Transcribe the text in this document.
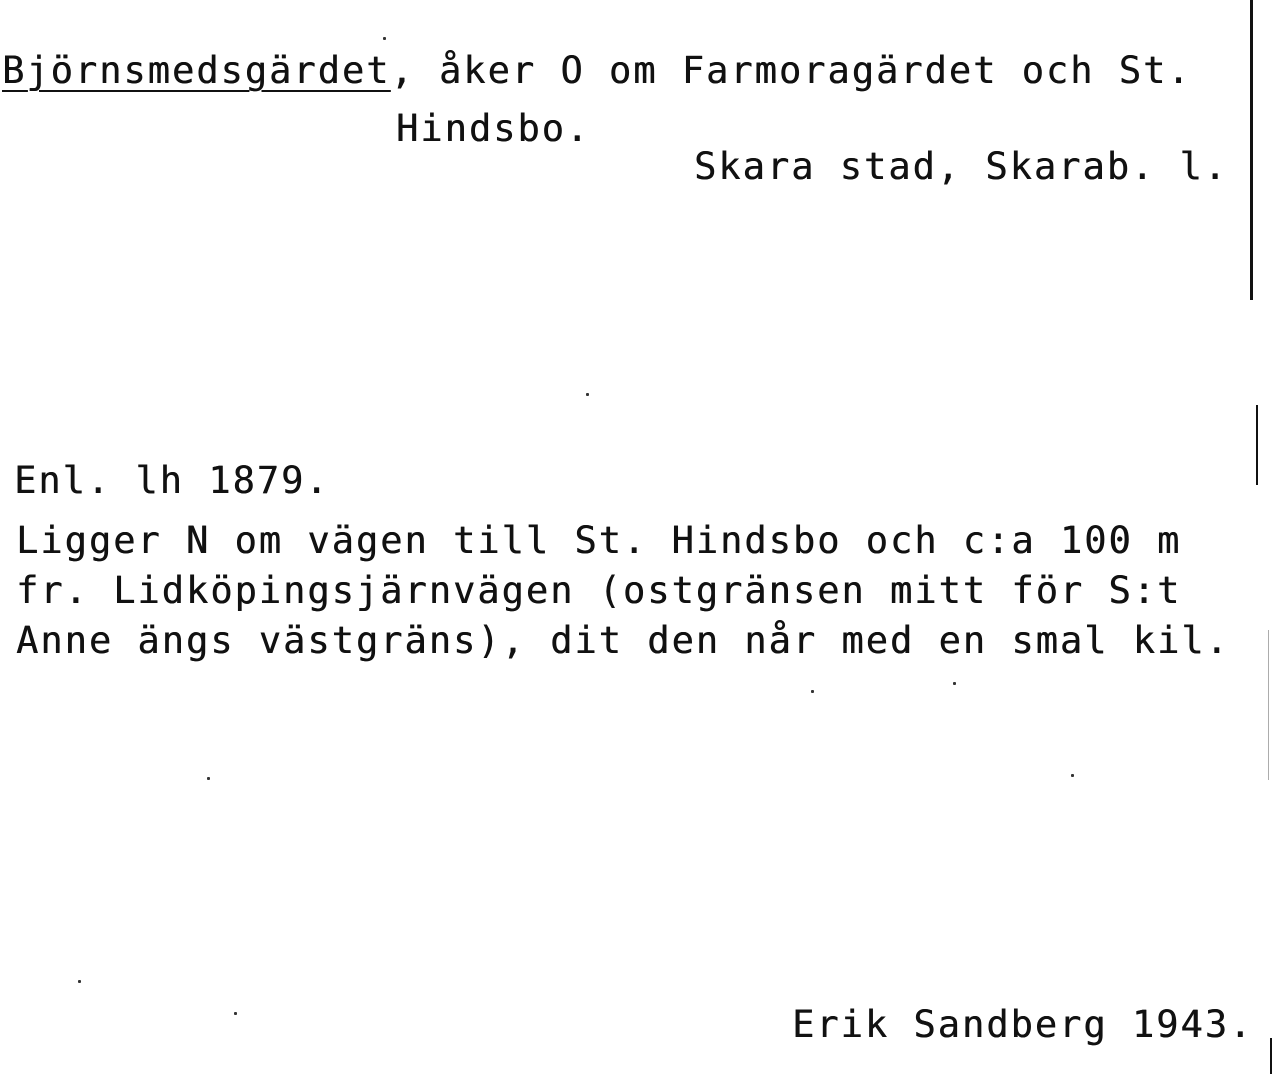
Björnsmedsgärdet, åker O om Farmoragärdet och St.
Hindsbo.
Skara stad, Skarab. l.
Enl. lh 1879.
Ligger N om vägen till St. Hindsbo och c:a 100 m
fr. Lidköpingsjärnvägen (ostgränsen mitt för S:t
Anne ängs västgräns), dit den når med en smal kil.
Erik Sandberg 1943.
